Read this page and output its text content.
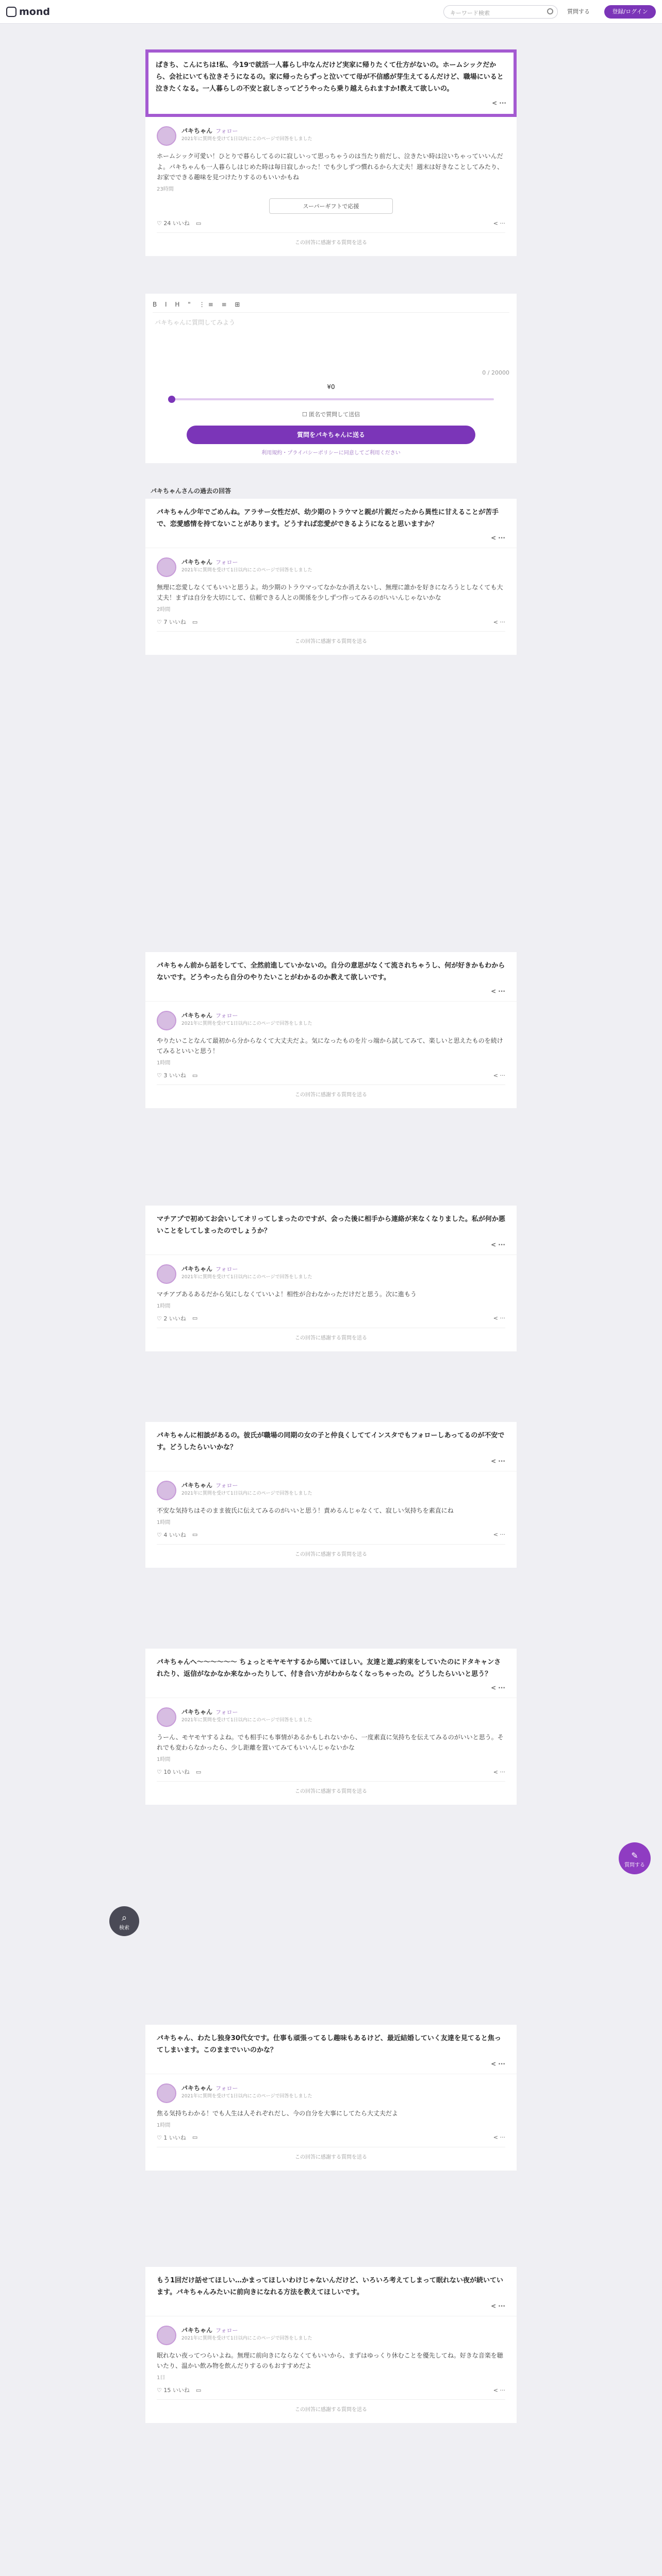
mond	キーワード検索	質問する	登録/ログイン
ぱきち、こんにちは!私、今19で就活一人暮らし中なんだけど実家に帰りたくて仕方がないの。ホームシックだから、会社にいても泣きそうになるの。家に帰ったらずっと泣いてて母が不信感が芽生えてるんだけど、職場にいると泣きたくなる。一人暮らしの不安と寂しさってどうやったら乗り越えられますか!教えて欲しいの。
< ···
パキちゃん フォロー
2021年に質問を受けて1日以内にこのページで回答をしました
ホームシック可愛い！ひとりで暮らしてるのに寂しいって思っちゃうのは当たり前だし、泣きたい時は泣いちゃっていいんだよ。パキちゃんも一人暮らしはじめた時は毎日寂しかった！でも少しずつ慣れるから大丈夫！週末は好きなことしてみたり、お家でできる趣味を見つけたりするのもいいかもね
23時間
スーパーギフトで応援
♡ 24 いいね ▭	< ···
この回答に感謝する質問を送る
B I H " ⋮≡ ≡ ⊞
パキちゃんに質問してみよう
0 / 20000
¥0
☐ 匿名で質問して送信
質問をパキちゃんに送る
利用規約・プライバシーポリシーに同意してご利用ください
パキちゃんさんの過去の回答
パキちゃん少年でごめんね。アラサー女性だが、幼少期のトラウマと親が片親だったから異性に甘えることが苦手で、恋愛感情を持てないことがあります。どうすれば恋愛ができるようになると思いますか？
< ···
パキちゃん フォロー
2021年に質問を受けて1日以内にこのページで回答をしました
無理に恋愛しなくてもいいと思うよ。幼少期のトラウマってなかなか消えないし、無理に誰かを好きになろうとしなくても大丈夫！まずは自分を大切にして、信頼できる人との関係を少しずつ作ってみるのがいいんじゃないかな
2時間
♡ 7 いいね ▭	< ···
この回答に感謝する質問を送る
パキちゃん前から話をしてて、全然前進していかないの。自分の意思がなくて流されちゃうし、何が好きかもわからないです。どうやったら自分のやりたいことがわかるのか教えて欲しいです。
< ···
パキちゃん フォロー
2021年に質問を受けて1日以内にこのページで回答をしました
やりたいことなんて最初から分からなくて大丈夫だよ。気になったものを片っ端から試してみて、楽しいと思えたものを続けてみるといいと思う！
1時間
♡ 3 いいね ▭	< ···
この回答に感謝する質問を送る
マチアプで初めてお会いしてオリってしまったのですが、会った後に相手から連絡が来なくなりました。私が何か悪いことをしてしまったのでしょうか？
< ···
パキちゃん フォロー
2021年に質問を受けて1日以内にこのページで回答をしました
マチアプあるあるだから気にしなくていいよ！相性が合わなかっただけだと思う。次に進もう
1時間
♡ 2 いいね ▭	< ···
この回答に感謝する質問を送る
パキちゃんに相談があるの。彼氏が職場の同期の女の子と仲良くしててインスタでもフォローしあってるのが不安です。どうしたらいいかな？
< ···
パキちゃん フォロー
2021年に質問を受けて1日以内にこのページで回答をしました
不安な気持ちはそのまま彼氏に伝えてみるのがいいと思う！責めるんじゃなくて、寂しい気持ちを素直にね
1時間
♡ 4 いいね ▭	< ···
この回答に感謝する質問を送る
パキちゃんへ〜〜〜〜〜〜 ちょっとモヤモヤするから聞いてほしい。友達と遊ぶ約束をしていたのにドタキャンされたり、返信がなかなか来なかったりして、付き合い方がわからなくなっちゃったの。どうしたらいいと思う？
< ···
パキちゃん フォロー
2021年に質問を受けて1日以内にこのページで回答をしました
うーん、モヤモヤするよね。でも相手にも事情があるかもしれないから、一度素直に気持ちを伝えてみるのがいいと思う。それでも変わらなかったら、少し距離を置いてみてもいいんじゃないかな
1時間
♡ 10 いいね ▭	< ···
この回答に感謝する質問を送る
パキちゃん、わたし独身30代女です。仕事も頑張ってるし趣味もあるけど、最近結婚していく友達を見てると焦ってしまいます。このままでいいのかな？
< ···
パキちゃん フォロー
2021年に質問を受けて1日以内にこのページで回答をしました
焦る気持ちわかる！でも人生は人それぞれだし、今の自分を大事にしてたら大丈夫だよ
1時間
♡ 1 いいね ▭	< ···
この回答に感謝する質問を送る
もう1回だけ話せてほしい…かまってほしいわけじゃないんだけど、いろいろ考えてしまって眠れない夜が続いています。パキちゃんみたいに前向きになれる方法を教えてほしいです。
< ···
パキちゃん フォロー
2021年に質問を受けて1日以内にこのページで回答をしました
眠れない夜ってつらいよね。無理に前向きにならなくてもいいから、まずはゆっくり休むことを優先してね。好きな音楽を聴いたり、温かい飲み物を飲んだりするのもおすすめだよ
1日
♡ 15 いいね ▭	< ···
この回答に感謝する質問を送る
⌕
検索
✎
質問する
